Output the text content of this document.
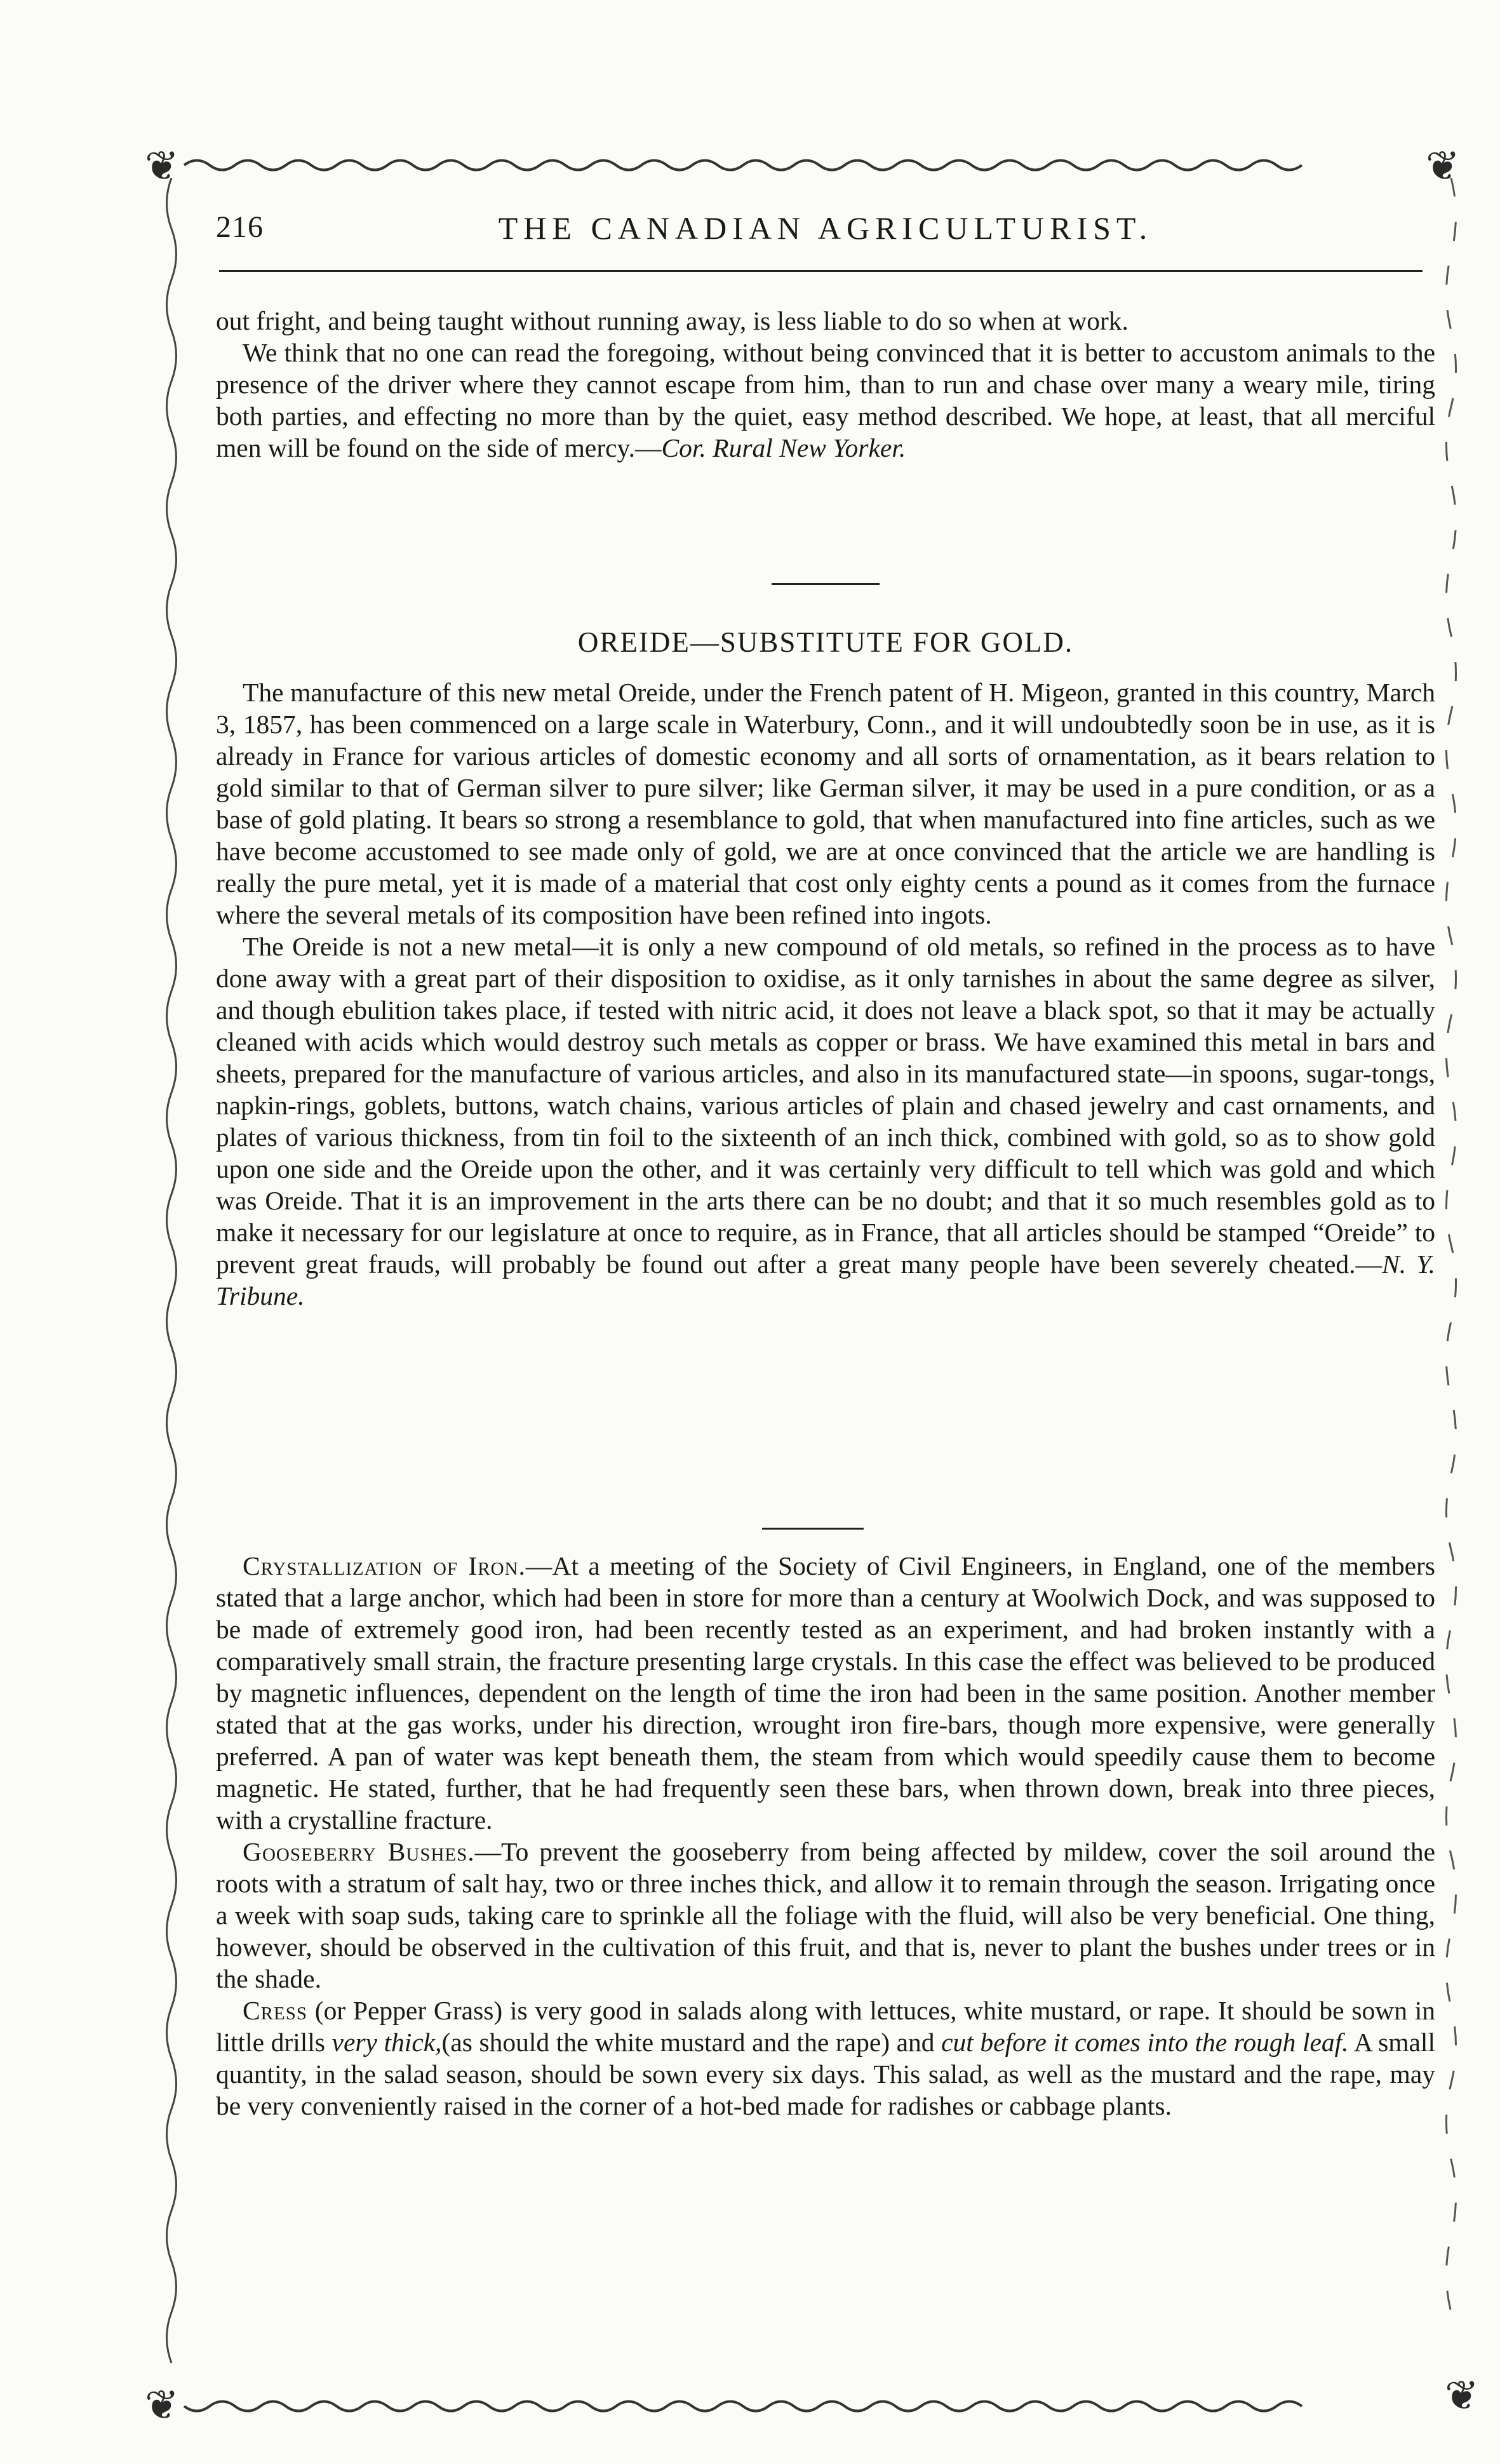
❦	❦
❦	❦
216	THE CANADIAN AGRICULTURIST.

out fright, and being taught without running away, is less liable to do so when at work.

We think that no one can read the foregoing, without being convinced that it is better to accustom animals to the presence of the driver where they cannot escape from him, than to run and chase over many a weary mile, tiring both parties, and effecting no more than by the quiet, easy method described. We hope, at least, that all merciful men will be found on the side of mercy.—Cor. Rural New Yorker.

OREIDE—SUBSTITUTE FOR GOLD.

The manufacture of this new metal Oreide, under the French patent of H. Migeon, granted in this country, March 3, 1857, has been commenced on a large scale in Waterbury, Conn., and it will undoubtedly soon be in use, as it is already in France for various articles of domestic economy and all sorts of ornamentation, as it bears relation to gold similar to that of German silver to pure silver; like German silver, it may be used in a pure condition, or as a base of gold plating. It bears so strong a resemblance to gold, that when manufactured into fine articles, such as we have become accustomed to see made only of gold, we are at once convinced that the article we are handling is really the pure metal, yet it is made of a material that cost only eighty cents a pound as it comes from the furnace where the several metals of its composition have been refined into ingots.

The Oreide is not a new metal—it is only a new compound of old metals, so refined in the process as to have done away with a great part of their disposition to oxidise, as it only tarnishes in about the same degree as silver, and though ebulition takes place, if tested with nitric acid, it does not leave a black spot, so that it may be actually cleaned with acids which would destroy such metals as copper or brass. We have examined this metal in bars and sheets, prepared for the manufacture of various articles, and also in its manufactured state—in spoons, sugar-tongs, napkin-rings, goblets, buttons, watch chains, various articles of plain and chased jewelry and cast ornaments, and plates of various thickness, from tin foil to the sixteenth of an inch thick, combined with gold, so as to show gold upon one side and the Oreide upon the other, and it was certainly very difficult to tell which was gold and which was Oreide. That it is an improvement in the arts there can be no doubt; and that it so much resembles gold as to make it necessary for our legislature at once to require, as in France, that all articles should be stamped “Oreide” to prevent great frauds, will probably be found out after a great many people have been severely cheated.—N. Y. Tribune.

Crystallization of Iron.—At a meeting of the Society of Civil Engineers, in England, one of the members stated that a large anchor, which had been in store for more than a century at Woolwich Dock, and was supposed to be made of extremely good iron, had been recently tested as an experiment, and had broken instantly with a comparatively small strain, the fracture presenting large crystals. In this case the effect was believed to be produced by magnetic influences, dependent on the length of time the iron had been in the same position. Another member stated that at the gas works, under his direction, wrought iron fire-bars, though more expensive, were generally preferred. A pan of water was kept beneath them, the steam from which would speedily cause them to become magnetic. He stated, further, that he had frequently seen these bars, when thrown down, break into three pieces, with a crystalline fracture.

Gooseberry Bushes.—To prevent the gooseberry from being affected by mildew, cover the soil around the roots with a stratum of salt hay, two or three inches thick, and allow it to remain through the season. Irrigating once a week with soap suds, taking care to sprinkle all the foliage with the fluid, will also be very beneficial. One thing, however, should be observed in the cultivation of this fruit, and that is, never to plant the bushes under trees or in the shade.

Cress (or Pepper Grass) is very good in salads along with lettuces, white mustard, or rape. It should be sown in little drills very thick,(as should the white mustard and the rape) and cut before it comes into the rough leaf. A small quantity, in the salad season, should be sown every six days. This salad, as well as the mustard and the rape, may be very conveniently raised in the corner of a hot-bed made for radishes or cabbage plants.
